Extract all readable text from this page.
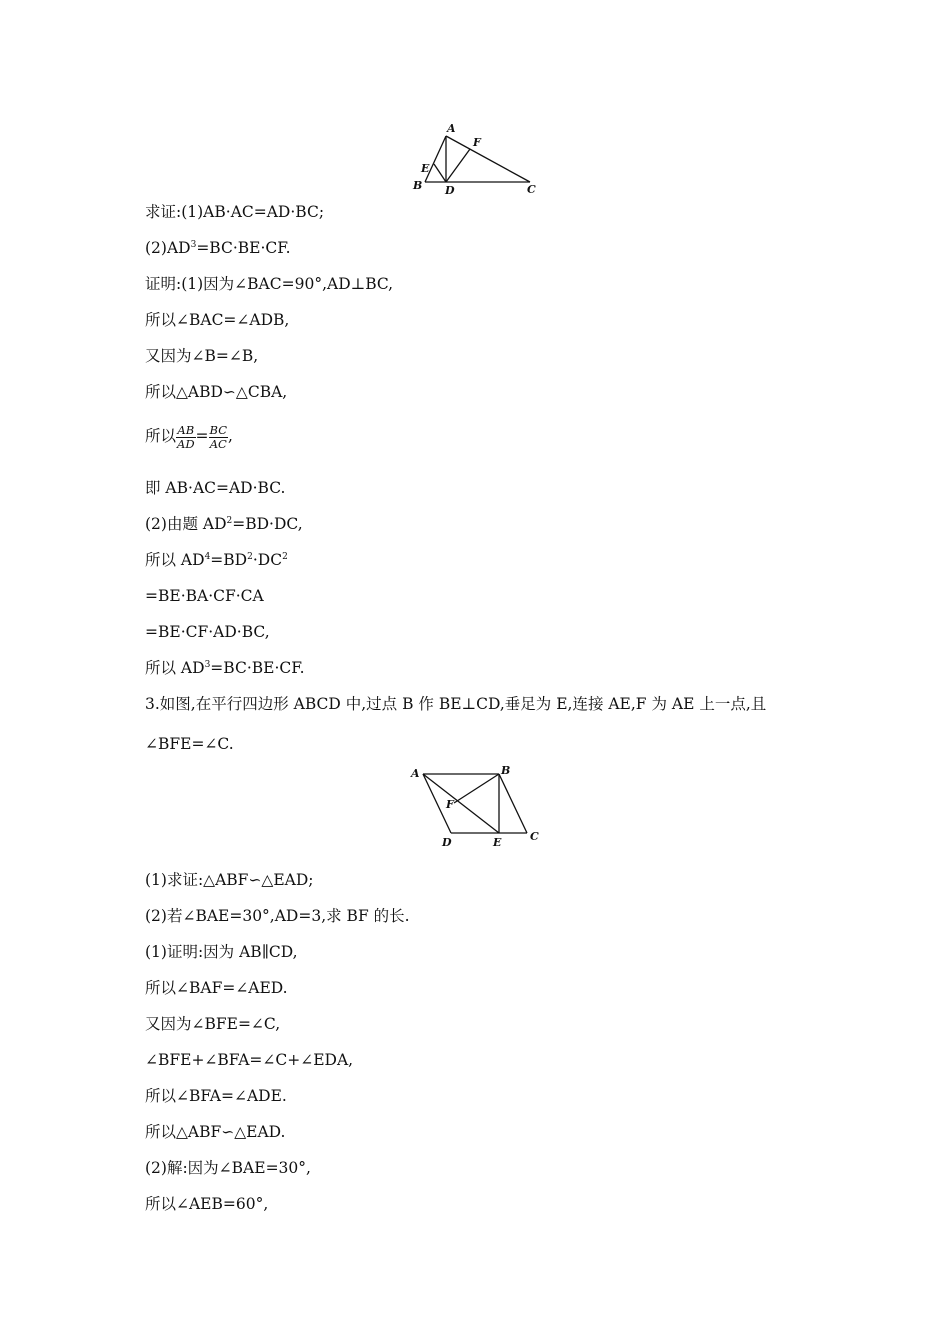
A
F
E
B D	C
求证:(1)AB·AC=AD·BC;
$(2)AD^3=BC\cdot BE\cdot CF$.
证明:(1)因为∠BAC=90°,AD⊥BC,
所以∠BAC=∠ADB,
又因为∠B=∠B,
所以△ABD∽△CBA,
所以 $\frac{AB}{AD} = \frac{BC}{AC}$ ,
即 AB·AC=AD·BC.
(2)由题 $AD^2=BD\cdot DC$,
所以 $AD^4=BD^2\cdot DC^2$
=BE·BA·CF·CA
=BE·CF·AD·BC,
所以 $AD^3=BC\cdot BE\cdot CF$.
3.如图,在平行四边形 ABCD 中,过点 B 作 BE⊥CD,垂足为 E,连接 AE,F 为 AE 上一点,且
∠BFE=∠C.
A	B
F
D	E	C
(1)求证:△ABF∽△EAD;
(2)若∠BAE=30°,AD=3,求 BF 的长.
(1)证明:因为 AB∥CD,
所以∠BAF=∠AED.
又因为∠BFE=∠C,
∠BFE+∠BFA=∠C+∠EDA,
所以∠BFA=∠ADE.
所以△ABF∽△EAD.
(2)解:因为∠BAE=30°,
所以∠AEB=60°,
